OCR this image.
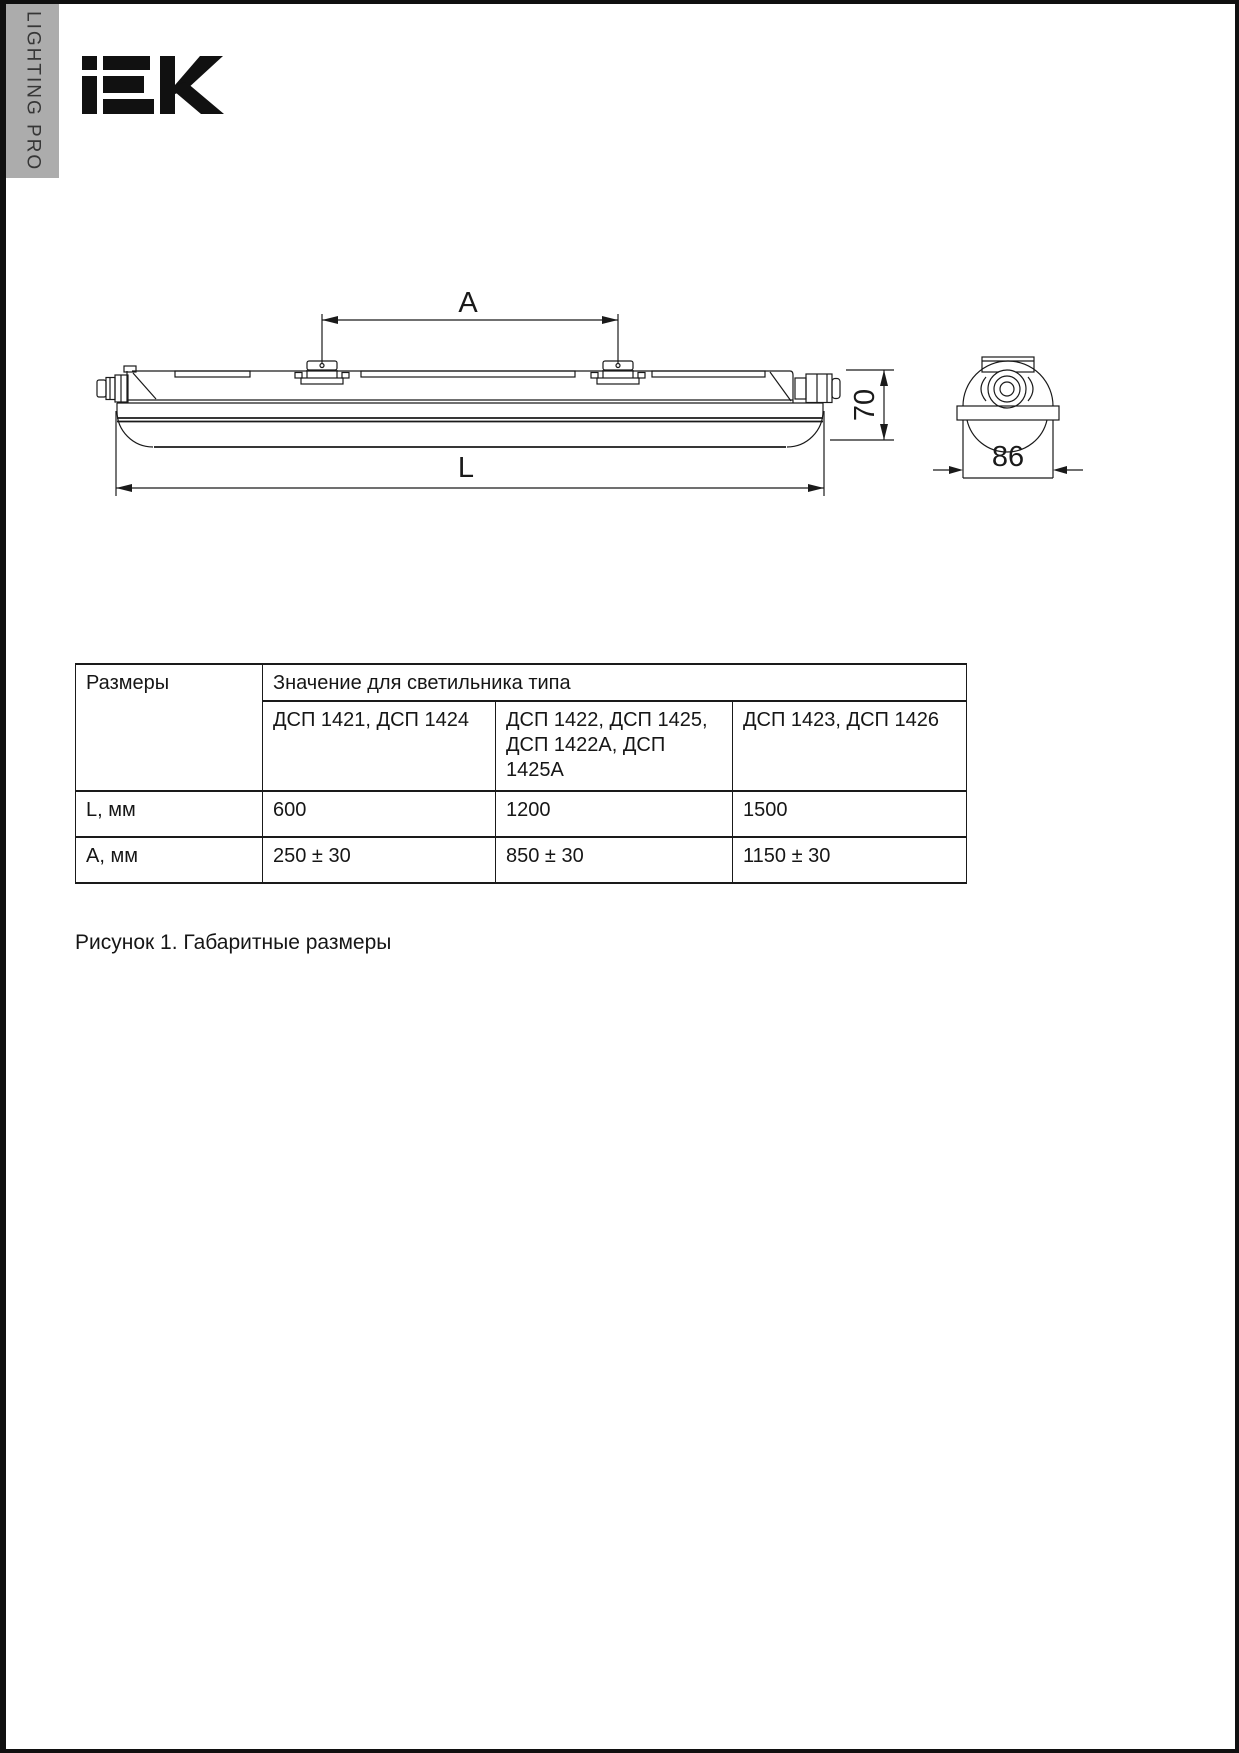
LIGHTING PRO
A
L
70
86
Размеры	Значение для светильника типа		
	ДСП 1421, ДСП 1424	ДСП 1422, ДСП 1425, ДСП 1422А, ДСП 1425А	ДСП 1423, ДСП 1426
L, мм	600	1200	1500
А, мм	250 ± 30	850 ± 30	1150 ± 30
Рисунок 1. Габаритные размеры
